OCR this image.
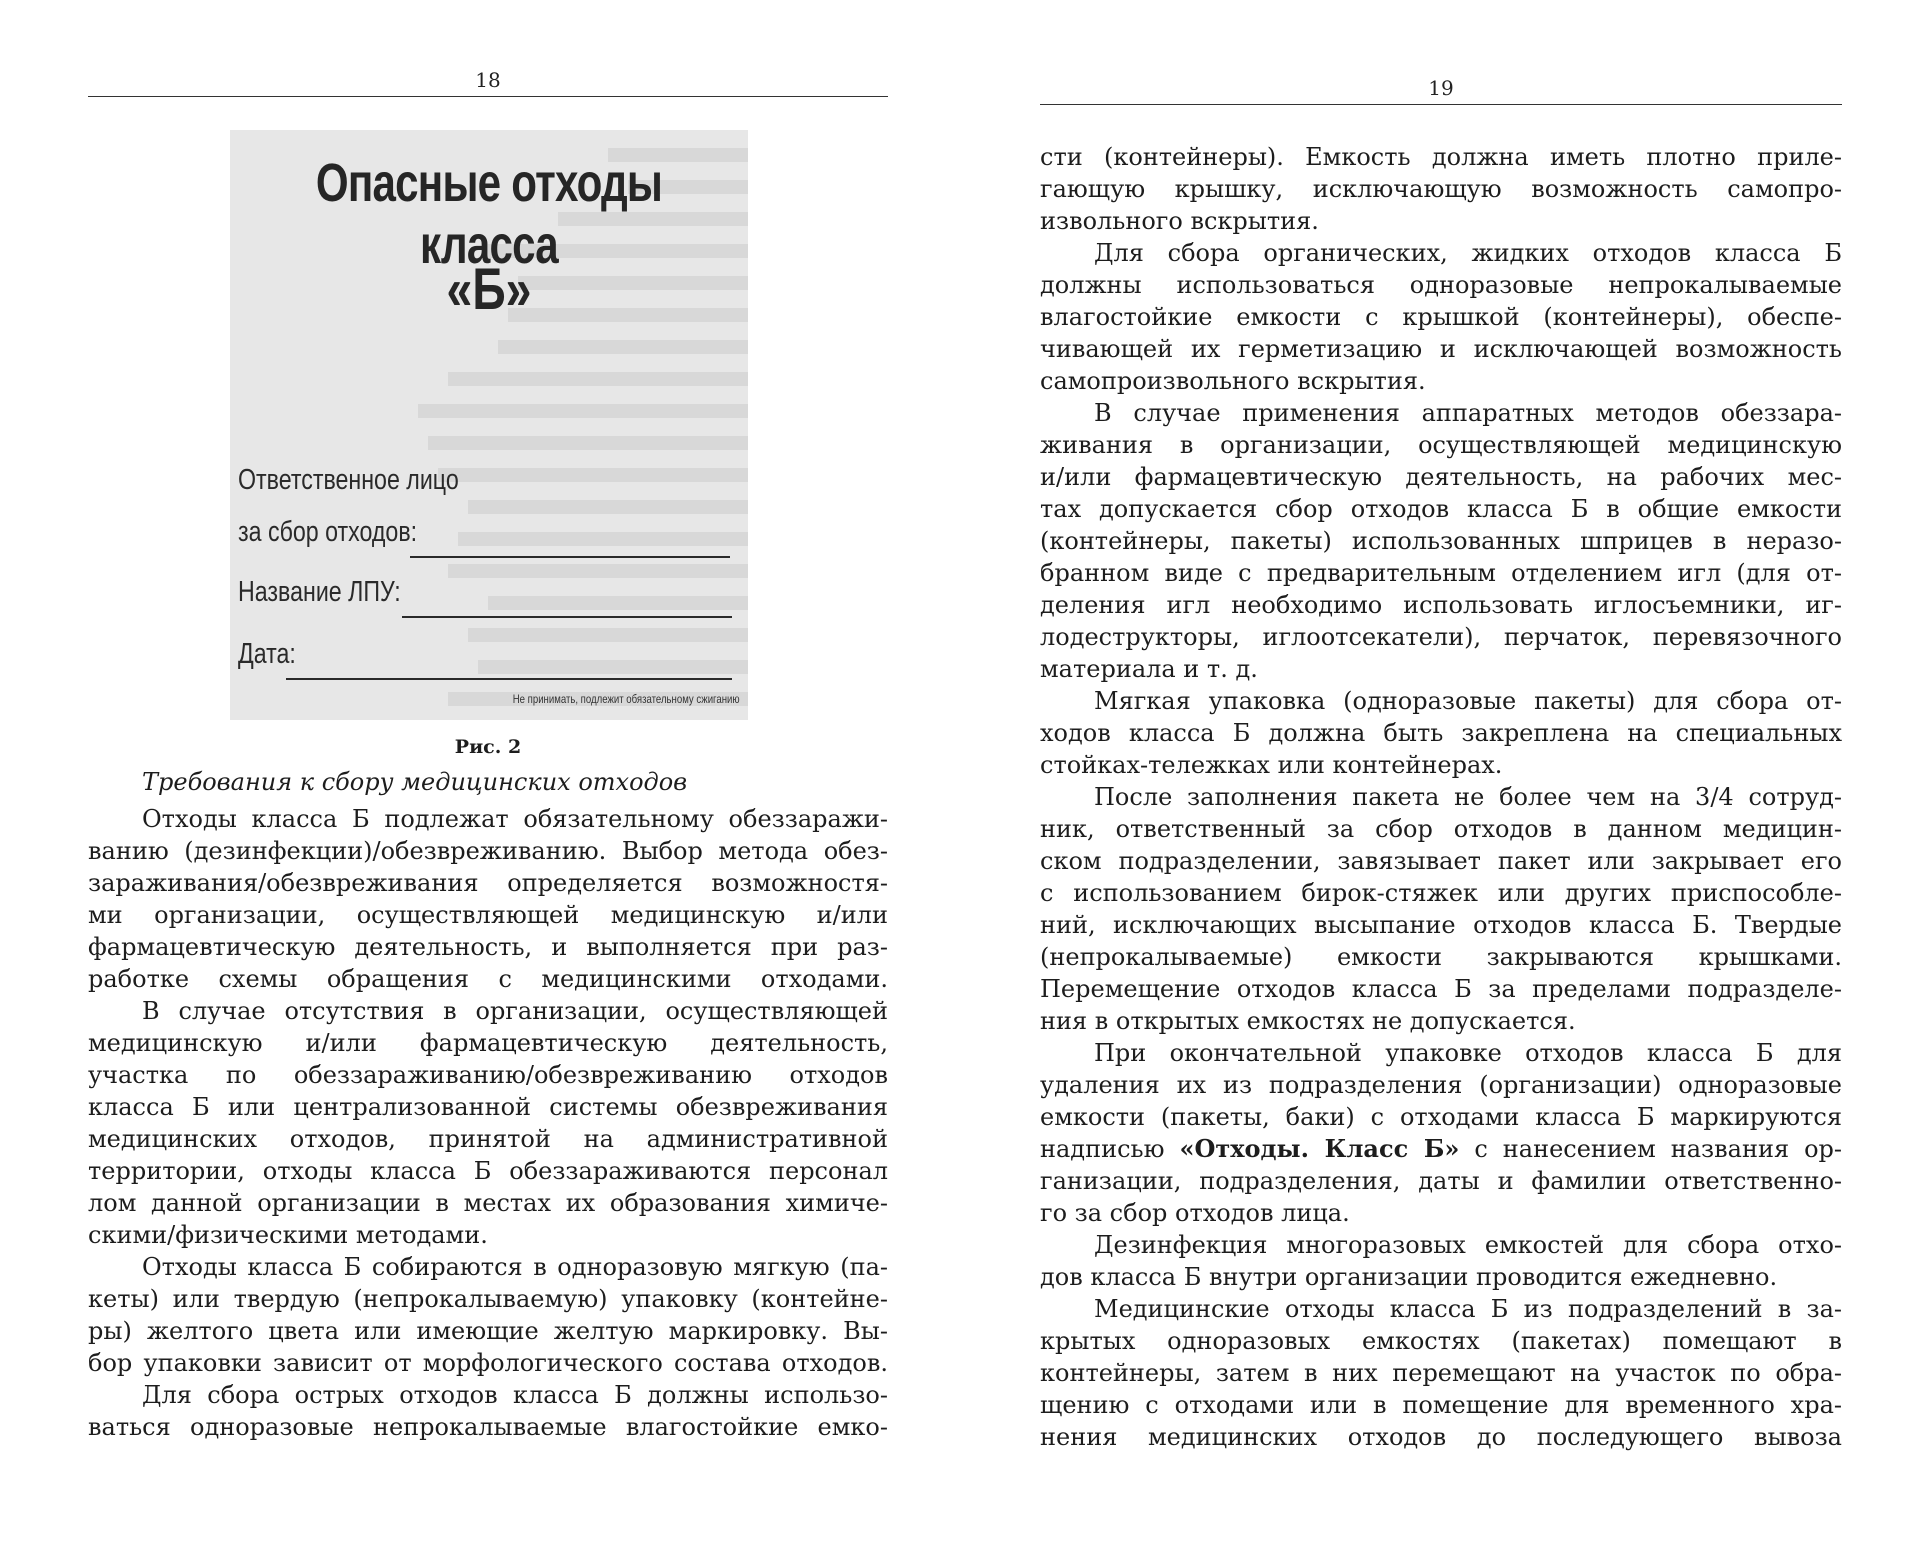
18
Опасные отходы класса
«Б»
Ответственное лицо
за сбор отходов:
Название ЛПУ:
Дата:
Не принимать, подлежит обязательному сжиганию
Рис. 2
Требования к сбору медицинских отходов

Отходы класса Б подлежат обязательному обеззаражи-
ванию (дезинфекции)/обезвреживанию. Выбор метода обез-
зараживания/обезвреживания определяется возможностя-
ми организации, осуществляющей медицинскую и/или
фармацевтическую деятельность, и выполняется при раз-
работке схемы обращения с медицинскими отходами.

В случае отсутствия в организации, осуществляющей
медицинскую и/или фармацевтическую деятельность,
участка по обеззараживанию/обезвреживанию отходов
класса Б или централизованной системы обезвреживания
медицинских отходов, принятой на административной
территории, отходы класса Б обеззараживаются персонал
лом данной организации в местах их образования химиче-
скими/физическими методами.

Отходы класса Б собираются в одноразовую мягкую (па-
кеты) или твердую (непрокалываемую) упаковку (контейне-
ры) желтого цвета или имеющие желтую маркировку. Вы-
бор упаковки зависит от морфологического состава отходов.

Для сбора острых отходов класса Б должны использо-
ваться одноразовые непрокалываемые влагостойкие емко-

19

сти (контейнеры). Емкость должна иметь плотно приле-
гающую крышку, исключающую возможность самопро-
извольного вскрытия.

Для сбора органических, жидких отходов класса Б
должны использоваться одноразовые непрокалываемые
влагостойкие емкости с крышкой (контейнеры), обеспе-
чивающей их герметизацию и исключающей возможность
самопроизвольного вскрытия.

В случае применения аппаратных методов обеззара-
живания в организации, осуществляющей медицинскую
и/или фармацевтическую деятельность, на рабочих мес-
тах допускается сбор отходов класса Б в общие емкости
(контейнеры, пакеты) использованных шприцев в неразо-
бранном виде с предварительным отделением игл (для от-
деления игл необходимо использовать иглосъемники, иг-
лодеструкторы, иглоотсекатели), перчаток, перевязочного
материала и т. д.

Мягкая упаковка (одноразовые пакеты) для сбора от-
ходов класса Б должна быть закреплена на специальных
стойках-тележках или контейнерах.

После заполнения пакета не более чем на 3/4 сотруд-
ник, ответственный за сбор отходов в данном медицин-
ском подразделении, завязывает пакет или закрывает его
с использованием бирок-стяжек или других приспособле-
ний, исключающих высыпание отходов класса Б. Твердые
(непрокалываемые) емкости закрываются крышками.
Перемещение отходов класса Б за пределами подразделе-
ния в открытых емкостях не допускается.

При окончательной упаковке отходов класса Б для
удаления их из подразделения (организации) одноразовые
емкости (пакеты, баки) с отходами класса Б маркируются
надписью «Отходы. Класс Б» с нанесением названия ор-
ганизации, подразделения, даты и фамилии ответственно-
го за сбор отходов лица.

Дезинфекция многоразовых емкостей для сбора отхо-
дов класса Б внутри организации проводится ежедневно.

Медицинские отходы класса Б из подразделений в за-
крытых одноразовых емкостях (пакетах) помещают в
контейнеры, затем в них перемещают на участок по обра-
щению с отходами или в помещение для временного хра-
нения медицинских отходов до последующего вывоза
